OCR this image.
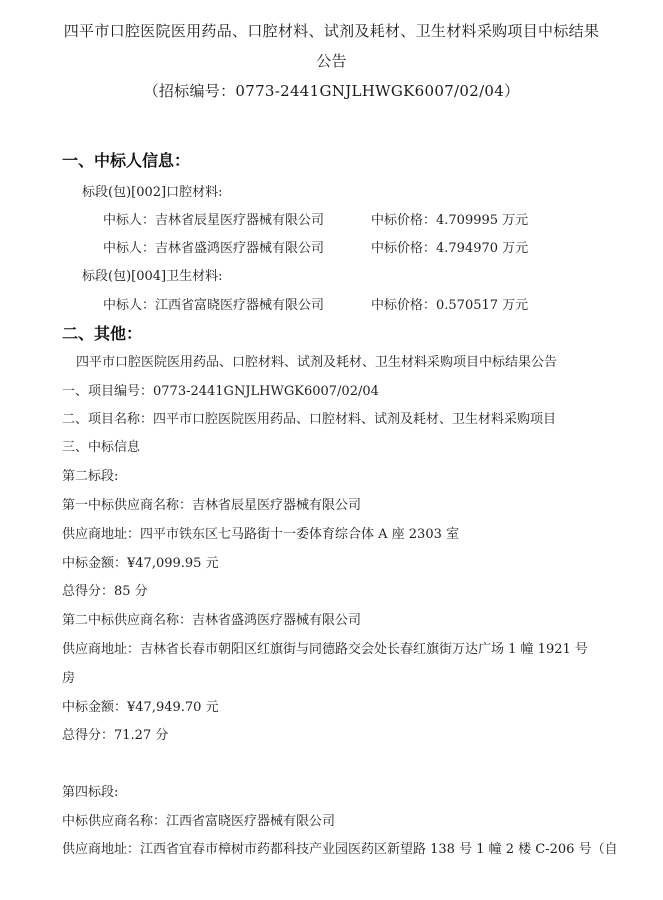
四平市口腔医院医用药品、口腔材料、试剂及耗材、卫生材料采购项目中标结果
公告
（招标编号：0773-2441GNJLHWGK6007/02/04）
一、中标人信息：
标段(包)[002]口腔材料:
中标人：吉林省辰星医疗器械有限公司	中标价格：4.709995 万元
中标人：吉林省盛鸿医疗器械有限公司	中标价格：4.794970 万元
标段(包)[004]卫生材料:
中标人：江西省富晓医疗器械有限公司	中标价格：0.570517 万元
二、其他：
四平市口腔医院医用药品、口腔材料、试剂及耗材、卫生材料采购项目中标结果公告
一、项目编号：0773-2441GNJLHWGK6007/02/04
二、项目名称：四平市口腔医院医用药品、口腔材料、试剂及耗材、卫生材料采购项目
三、中标信息
第二标段:
第一中标供应商名称：吉林省辰星医疗器械有限公司
供应商地址：四平市铁东区七马路街十一委体育综合体 A 座 2303 室
中标金额：¥47,099.95 元
总得分：85 分
第二中标供应商名称：吉林省盛鸿医疗器械有限公司
供应商地址：吉林省长春市朝阳区红旗街与同德路交会处长春红旗街万达广场 1 幢 1921 号
房
中标金额：¥47,949.70 元
总得分：71.27 分
第四标段:
中标供应商名称：江西省富晓医疗器械有限公司
供应商地址：江西省宜春市樟树市药都科技产业园医药区新望路 138 号 1 幢 2 楼 C-206 号（自
